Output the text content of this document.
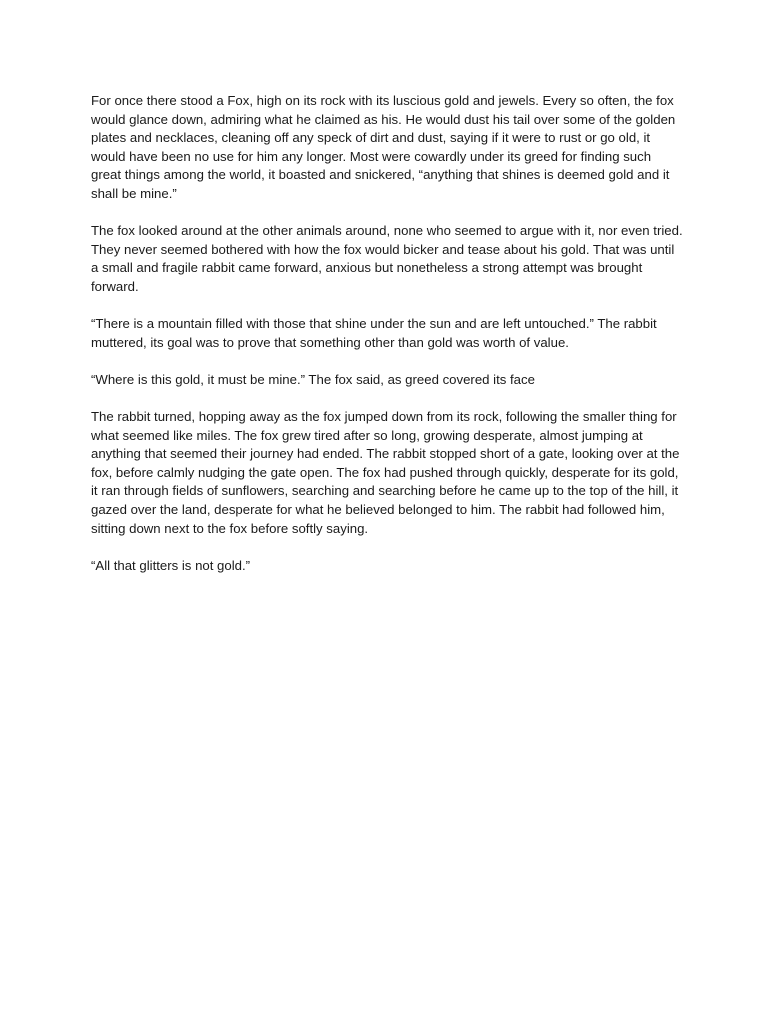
For once there stood a Fox, high on its rock with its luscious gold and jewels. Every so often, the fox would glance down, admiring what he claimed as his. He would dust his tail over some of the golden plates and necklaces, cleaning off any speck of dirt and dust, saying if it were to rust or go old, it would have been no use for him any longer. Most were cowardly under its greed for finding such great things among the world, it boasted and snickered, “anything that shines is deemed gold and it shall be mine.”

The fox looked around at the other animals around, none who seemed to argue with it, nor even tried. They never seemed bothered with how the fox would bicker and tease about his gold. That was until a small and fragile rabbit came forward, anxious but nonetheless a strong attempt was brought forward.

“There is a mountain filled with those that shine under the sun and are left untouched.” The rabbit muttered, its goal was to prove that something other than gold was worth of value.

“Where is this gold, it must be mine.” The fox said, as greed covered its face

The rabbit turned, hopping away as the fox jumped down from its rock, following the smaller thing for what seemed like miles. The fox grew tired after so long, growing desperate, almost jumping at anything that seemed their journey had ended. The rabbit stopped short of a gate, looking over at the fox, before calmly nudging the gate open. The fox had pushed through quickly, desperate for its gold, it ran through fields of sunflowers, searching and searching before he came up to the top of the hill, it gazed over the land, desperate for what he believed belonged to him. The rabbit had followed him, sitting down next to the fox before softly saying.

“All that glitters is not gold.”
